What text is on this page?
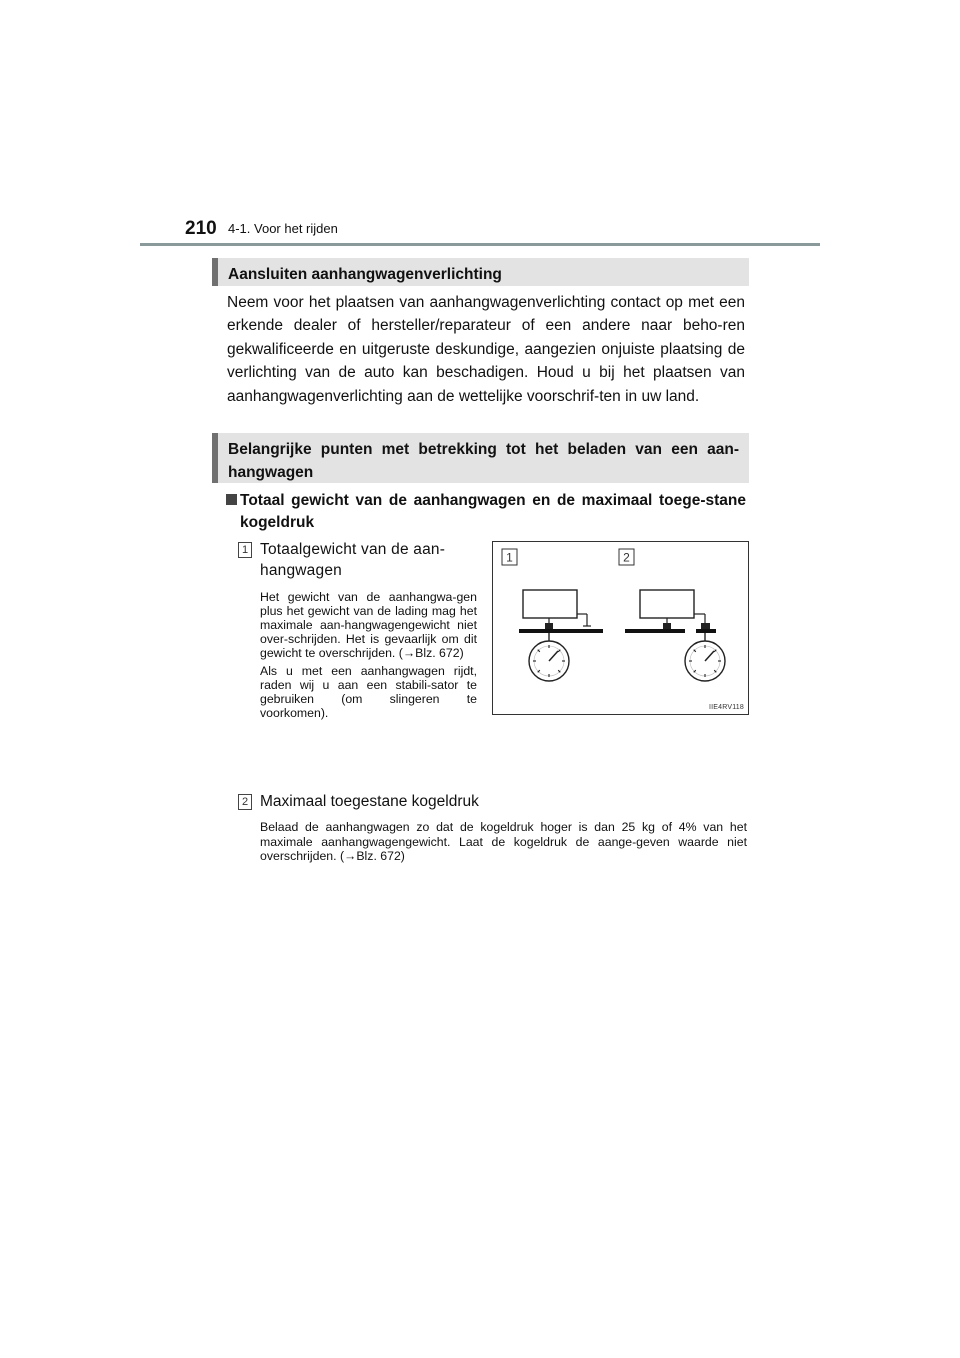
210 4-1. Voor het rijden
Aansluiten aanhangwagenverlichting
Neem voor het plaatsen van aanhangwagenverlichting contact op met een erkende dealer of hersteller/reparateur of een andere naar beho-ren gekwalificeerde en uitgeruste deskundige, aangezien onjuiste plaatsing de verlichting van de auto kan beschadigen. Houd u bij het plaatsen van aanhangwagenverlichting aan de wettelijke voorschrif-ten in uw land.
Belangrijke punten met betrekking tot het beladen van een aan-hangwagen
Totaal gewicht van de aanhangwagen en de maximaal toege-stane kogeldruk
1 Totaalgewicht van de aan-hangwagen

Het gewicht van de aanhangwa-gen plus het gewicht van de lading mag het maximale aan-hangwagengewicht niet over-schrijden. Het is gevaarlijk om dit gewicht te overschrijden. (→Blz. 672)

Als u met een aanhangwagen rijdt, raden wij u aan een stabili-sator te gebruiken (om slingeren te voorkomen).

2 Maximaal toegestane kogeldruk
Belaad de aanhangwagen zo dat de kogeldruk hoger is dan 25 kg of 4% van het maximale aanhangwagengewicht. Laat de kogeldruk de aange-geven waarde niet overschrijden. (→Blz. 672)
1	2
IIE4RV118
